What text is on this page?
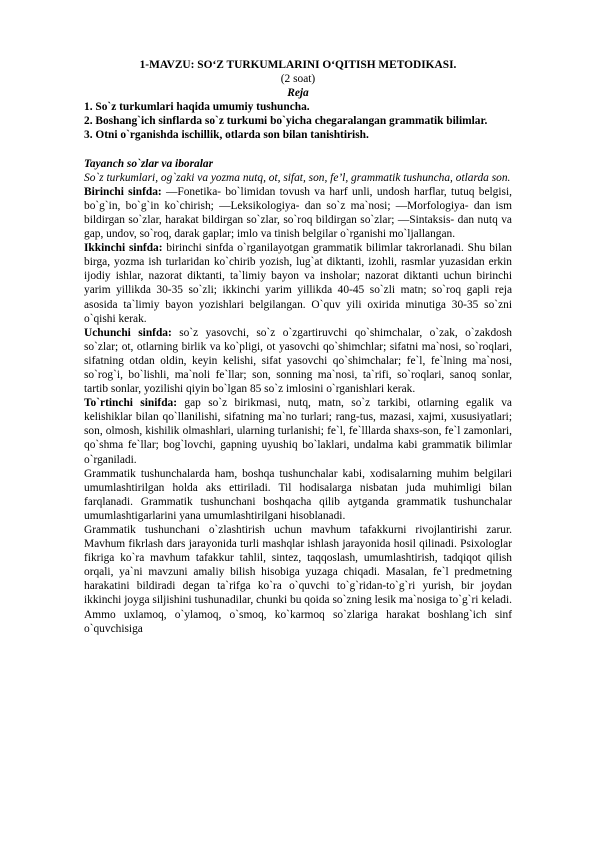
1-MAVZU: SO‘Z TURKUMLARINI O‘QITISH METODIKASI.
(2 soat)
Reja
1. So`z turkumlari haqida umumiy tushuncha.
2. Boshang`ich sinflarda so`z turkumi bo`yicha chegaralangan grammatik bilimlar.
3. Otni o`rganishda ischillik, otlarda son bilan tanishtirish.
Tayanch so`zlar va iboralar
So`z turkumlari, og`zaki va yozma nutq, ot, sifat, son, fe’l, grammatik tushuncha, otlarda son.
Birinchi sinfda: ―Fonetika- bo`limidan tovush va harf unli, undosh harflar, tutuq belgisi, bo`g`in, bo`g`in ko`chirish; ―Leksikologiya- dan so`z ma`nosi; ―Morfologiya- dan ism bildirgan so`zlar, harakat bildirgan so`zlar, so`roq bildirgan so`zlar; ―Sintaksis- dan nutq va gap, undov, so`roq, darak gaplar; imlo va tinish belgilar o`rganishi mo`ljallangan.
Ikkinchi sinfda: birinchi sinfda o`rganilayotgan grammatik bilimlar takrorlanadi. Shu bilan birga, yozma ish turlaridan ko`chirib yozish, lug`at diktanti, izohli, rasmlar yuzasidan erkin ijodiy ishlar, nazorat diktanti, ta`limiy bayon va insholar; nazorat diktanti uchun birinchi yarim yillikda 30-35 so`zli; ikkinchi yarim yillikda 40-45 so`zli matn; so`roq gapli reja asosida ta`limiy bayon yozishlari belgilangan. O`quv yili oxirida minutiga 30-35 so`zni o`qishi kerak.
Uchunchi sinfda: so`z yasovchi, so`z o`zgartiruvchi qo`shimchalar, o`zak, o`zakdosh so`zlar; ot, otlarning birlik va ko`pligi, ot yasovchi qo`shimchlar; sifatni ma`nosi, so`roqlari, sifatning otdan oldin, keyin kelishi, sifat yasovchi qo`shimchalar; fe`l, fe`lning ma`nosi, so`rog`i, bo`lishli, ma`noli fe`llar; son, sonning ma`nosi, ta`rifi, so`roqlari, sanoq sonlar, tartib sonlar, yozilishi qiyin bo`lgan 85 so`z imlosini o`rganishlari kerak.
To`rtinchi sinifda: gap so`z birikmasi, nutq, matn, so`z tarkibi, otlarning egalik va kelishiklar bilan qo`llanilishi, sifatning ma`no turlari; rang-tus, mazasi, xajmi, xususiyatlari; son, olmosh, kishilik olmashlari, ularning turlanishi; fe`l, fe`lllarda shaxs-son, fe`l zamonlari, qo`shma fe`llar; bog`lovchi, gapning uyushiq bo`laklari, undalma kabi grammatik bilimlar o`rganiladi.
Grammatik tushunchalarda ham, boshqa tushunchalar kabi, xodisalarning muhim belgilari umumlashtirilgan holda aks ettiriladi. Til hodisalarga nisbatan juda muhimligi bilan farqlanadi. Grammatik tushunchani boshqacha qilib aytganda grammatik tushunchalar umumlashtigarlarini yana umumlashtirilgani hisoblanadi.
Grammatik tushunchani o`zlashtirish uchun mavhum tafakkurni rivojlantirishi zarur. Mavhum fikrlash dars jarayonida turli mashqlar ishlash jarayonida hosil qilinadi. Psixologlar fikriga ko`ra mavhum tafakkur tahlil, sintez, taqqoslash, umumlashtirish, tadqiqot qilish orqali, ya`ni mavzuni amaliy bilish hisobiga yuzaga chiqadi. Masalan, fe`l predmetning harakatini bildiradi degan ta`rifga ko`ra o`quvchi to`g`ridan-to`g`ri yurish, bir joydan ikkinchi joyga siljishini tushunadilar, chunki bu qoida so`zning lesik ma`nosiga to`g`ri keladi. Ammo uxlamoq, o`ylamoq, o`smoq, ko`karmoq so`zlariga harakat boshlang`ich sinf o`quvchisiga
